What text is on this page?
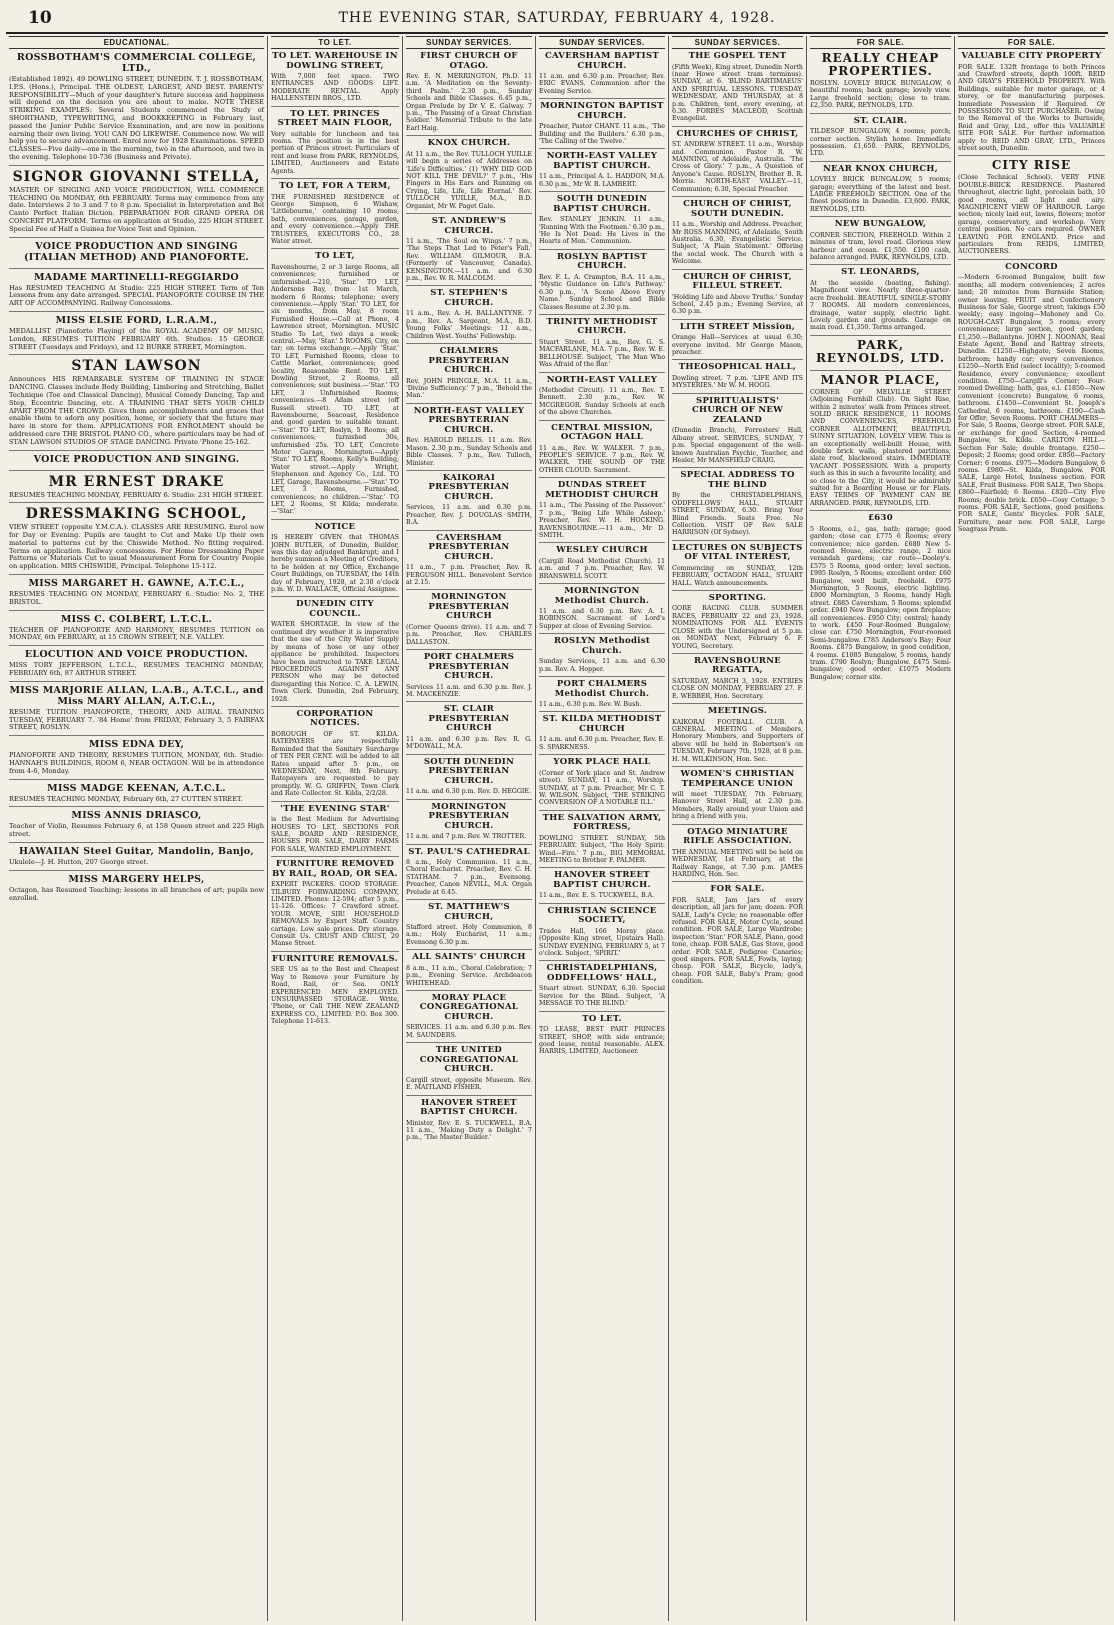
10	THE EVENING STAR, SATURDAY, FEBRUARY 4, 1928.
EDUCATIONAL.
ROSSBOTHAM'S COMMERCIAL COLLEGE, LTD.,
(Established 1892). 49 DOWLING STREET, DUNEDIN. T. J. ROSSBOTHAM, I.P.S. (Hons.), Principal. THE OLDEST, LARGEST, AND BEST. PARENTS' RESPONSIBILITY—Much of your daughter's future success and happiness will depend on the decision you are about to make. NOTE THESE STRIKING EXAMPLES: Several Students commenced the Study of SHORTHAND, TYPEWRITING, and BOOKKEEPING in February last, passed the Junior Public Service Examination, and are now in positions earning their own living. YOU CAN DO LIKEWISE. Commence now. We will help you to secure advancement. Enrol now for 1928 Examinations. SPEED CLASSES—Five daily—one in the morning, two in the afternoon, and two in the evening. Telephone 10-736 (Business and Private).
SIGNOR GIOVANNI STELLA,
MASTER OF SINGING AND VOICE PRODUCTION, WILL COMMENCE TEACHING On MONDAY, 6th FEBRUARY. Terms may commence from any date. Interviews 2 to 3 and 7 to 8 p.m. Specialist in Interpretation and Bel Canto Perfect Italian Diction. PREPARATION FOR GRAND OPERA OR CONCERT PLATFORM. Terms on application at Studio, 225 HIGH STREET. Special Fee of Half a Guinea for Voice Test and Opinion.
VOICE PRODUCTION AND SINGING (ITALIAN METHOD) AND PIANOFORTE.
MADAME MARTINELLI-REGGIARDO
Has RESUMED TEACHING At Studio: 225 HIGH STREET. Term of Ten Lessons from any date arranged. SPECIAL PIANOFORTE COURSE IN THE ART OF ACCOMPANYING. Railway Concessions.
MISS ELSIE FORD, L.R.A.M.,
MEDALLIST (Pianoforte Playing) of the ROYAL ACADEMY OF MUSIC, London, RESUMES TUITION FEBRUARY 6th. Studios: 15 GEORGE STREET (Tuesdays and Fridays), and 12 BURKE STREET, Mornington.
STAN LAWSON
Announces HIS REMARKABLE SYSTEM OF TRAINING IN STAGE DANCING. Classes include Body Building, Limbering and Stretching, Ballet Technique (Toe and Classical Dancing), Musical Comedy Dancing, Tap and Step, Eccentric Dancing, etc. A TRAINING THAT SETS YOUR CHILD APART FROM THE CROWD. Gives them accomplishments and graces that enable them to adorn any position, home, or society that the future may have in store for them. APPLICATIONS FOR ENROLMENT should be addressed care THE BRISTOL PIANO CO., where particulars may be had of STAN LAWSON STUDIOS OF STAGE DANCING. Private 'Phone 25-162.
VOICE PRODUCTION AND SINGING.
MR ERNEST DRAKE
RESUMES TEACHING MONDAY, FEBRUARY 6. Studio: 231 HIGH STREET.
DRESSMAKING SCHOOL,
VIEW STREET (opposite Y.M.C.A.). CLASSES ARE RESUMING. Enrol now for Day or Evening. Pupils are taught to Cut and Make Up their own material to patterns cut by the Chiswide Method. No fitting required. Terms on application. Railway concessions. For Home Dressmaking Paper Patterns or Materials Cut to usual Measurement Form for Country People on application. MRS CHISWIDE, Principal. Telephone 15-112.
MISS MARGARET H. GAWNE, A.T.C.L.,
RESUMES TEACHING ON MONDAY, FEBRUARY 6. Studio: No. 2, THE BRISTOL.
MISS C. COLBERT, L.T.C.L.
TEACHER OF PIANOFORTE AND HARMONY, RESUMES TUITION on MONDAY, 6th FEBRUARY, at 15 CROWN STREET, N.E. VALLEY.
ELOCUTION AND VOICE PRODUCTION.
MISS TORY JEFFERSON, L.T.C.L., RESUMES TEACHING MONDAY, FEBRUARY 6th, 87 ARTHUR STREET.
MISS MARJORIE ALLAN, L.A.B., A.T.C.L., and Miss MARY ALLAN, A.T.C.L.,
RESUME TUITION PIANOFORTE, THEORY, AND AURAL TRAINING TUESDAY, FEBRUARY 7. '84 Home' from FRIDAY, February 3, 5 FAIRFAX STREET, ROSLYN.
MISS EDNA DEY,
PIANOFORTE AND THEORY, RESUMES TUITION, MONDAY, 6th. Studio: HANNAH'S BUILDINGS, ROOM 6, NEAR OCTAGON. Will be in attendance from 4-6, Monday.
MISS MADGE KEENAN, A.T.C.L.
RESUMES TEACHING MONDAY, February 6th, 27 CUTTEN STREET.
MISS ANNIS DRIASCO,
Teacher of Violin, Resumes February 6, at 158 Queen street and 225 High street.
HAWAIIAN Steel Guitar, Mandolin, Banjo,
Ukulele—J. H. Hutton, 207 George street.
MISS MARGERY HELPS,
Octagon, has Resumed Teaching; lessons in all branches of art; pupils now enrolled.
TO LET.
TO LET. WAREHOUSE IN DOWLING STREET,
With 7,000 feet space. TWO ENTRANCES AND GOODS LIFT. MODERATE RENTAL. Apply HALLENSTEIN BROS., LTD.
TO LET. PRINCES STREET MAIN FLOOR,
Very suitable for luncheon and tea rooms. The position is in the best portion of Princes street. Particulars of rent and lease from PARK, REYNOLDS, LIMITED, Auctioneers and Estate Agents.
TO LET, FOR A TERM,
THE FURNISHED RESIDENCE of George Simpson, 6 Wishaw, 'Littlebourne,' containing 10 rooms, bath, conveniences, garage, garden, and every convenience.—Apply THE TRUSTEES, EXECUTORS CO., 28 Water street.
TO LET,
Ravensbourne, 2 or 3 large Rooms, all conveniences; furnished or unfurnished.—210, 'Star.' TO LET, Andersons Bay, from 1st March, modern 6 Rooms; telephone; every convenience.—Apply 'Star.' TO LET, for six months, from May, 8 room Furnished House.—Call at Phone, 4 Lawrence street, Mornington. MUSIC Studio To Let, two days a week; central.—May, 'Star.' 5 ROOMS, City, on tar; on terms exchange.—Apply 'Star.' TO LET, Furnished Rooms, close to Cattle Market, conveniences; good locality, Reasonable Rent. TO LET, Dowling Street, 2 Rooms, all conveniences; suit business.—'Star.' TO LET, 3 Unfurnished Rooms; conveniences.—8 Adam street (off Russell street). TO LET, at Ravensbourne, Seacoast, Residence and good garden to suitable tenant.—'Star.' TO LET, Roslyn, 5 Rooms; all conveniences; furnished 30s, unfurnished 25s. TO LET, Concrete Motor Garage, Mornington.—Apply 'Star.' TO LET, Rooms, Kelly's Building, Water street.—Apply Wright, Stephenson and Agency Co., Ltd. TO LET, Garage, Ravensbourne.—'Star.' TO LET, 3 Rooms, Furnished, conveniences; no children.—'Star.' TO LET, 2 Rooms, St Kilda; moderate.—'Star.'
NOTICE
IS HEREBY GIVEN that THOMAS JOHN BUTLER, of Dunedin, Builder, was this day adjudged Bankrupt; and I hereby summon a Meeting of Creditors, to be holden at my Office, Exchange Court Buildings, on TUESDAY, the 14th day of February, 1928, at 2.30 o'clock p.m. W. D. WALLACE, Official Assignee.
DUNEDIN CITY COUNCIL.
WATER SHORTAGE. In view of the continued dry weather it is imperative that the use of the City Water Supply by means of hose or any other appliance be prohibited. Inspectors have been instructed to TAKE LEGAL PROCEEDINGS AGAINST ANY PERSON who may be detected disregarding this Notice. C. A. LEWIN, Town Clerk. Dunedin, 2nd February, 1928.
CORPORATION NOTICES.
BOROUGH OF ST. KILDA. RATEPAYERS are respectfully Reminded that the Sanitary Surcharge of TEN PER CENT. will be added to all Rates unpaid after 5 p.m., on WEDNESDAY, Next, 8th February. Ratepayers are requested to pay promptly. W. G. GRIFFIN, Town Clerk and Rate Collector. St. Kilda, 2/2/28.
'THE EVENING STAR'
is the Best Medium for Advertising HOUSES TO LET, SECTIONS FOR SALE, BOARD AND RESIDENCE, HOUSES FOR SALE, DAIRY FARMS FOR SALE, WANTED EMPLOYMENT.
FURNITURE REMOVED BY RAIL, ROAD, OR SEA.
EXPERT PACKERS. GOOD STORAGE. TILBURY FORWARDING COMPANY, LIMITED. Phones: 12-594; after 5 p.m., 11-126. Offices: 7 Crawford street. YOUR MOVE, SIR! HOUSEHOLD REMOVALS by Expert Staff. Country cartage. Low sale prices. Dry storage. Consult Us. CRUST AND CRUST, 20 Manse Street.
FURNITURE REMOVALS.
SEE US as to the Best and Cheapest Way to Remove your Furniture by Road, Rail, or Sea. ONLY EXPERIENCED MEN EMPLOYED. UNSURPASSED STORAGE. Write, 'Phone, or Call THE NEW ZEALAND EXPRESS CO., LIMITED. P.O. Box 300. Telephone 11-613.
SUNDAY SERVICES.
FIRST CHURCH OF OTAGO.
Rev. E. N. MERRINGTON, Ph.D. 11 a.m. 'A Meditation on the Seventy-third Psalm.' 2.30 p.m., Sunday Schools and Bible Classes. 6.45 p.m., Organ Prelude by Dr V. E. Galway. 7 p.m., 'The Passing of a Great Christian Soldier.' Memorial Tribute to the late Earl Haig.
KNOX CHURCH.
At 11 a.m., the Rev. TULLOCH YUILLE will begin a series of Addresses on 'Life's Difficulties.' (1) 'WHY DID GOD NOT KILL THE DEVIL?' 7 p.m., 'His Fingers in His Ears and Running on Crying, Life, Life, Life Eternal.' Rev. TULLOCH YUILLE, M.A., B.D. Organist, Mr W. Paget Gale.
ST. ANDREW'S CHURCH.
11 a.m., 'The Soul on Wings.' 7 p.m., 'The Steps That Led to Peter's Fall.' Rev. WILLIAM GILMOUR, B.A. (Formerly of Vancouver, Canada). KENSINGTON.—11 a.m. and 6.30 p.m., Rev. W. R. MALCOLM.
ST. STEPHEN'S CHURCH.
11 a.m., Rev. A. H. BALLANTYNE. 7 p.m., Rev. A. Sargeant, M.A., B.D. Young Folks' Meetings: 11 a.m., Children West. Youths' Fellowship.
CHALMERS PRESBYTERIAN CHURCH.
Rev. JOHN PRINGLE, M.A. 11 a.m., 'Divine Sufficiency.' 7 p.m., 'Behold the Man.'
NORTH-EAST VALLEY PRESBYTERIAN CHURCH.
Rev. HAROLD BELLIS. 11 a.m. Rev. Mason. 2.30 p.m., Sunday Schools and Bible Classes. 7 p.m., Rev. Tulloch, Minister.
KAIKORAI PRESBYTERIAN CHURCH.
Services, 11 a.m. and 6.30 p.m. Preacher, Rev. J. DOUGLAS SMITH, B.A.
CAVERSHAM PRESBYTERIAN CHURCH.
11 a.m., 7 p.m. Preacher, Rev. R. FERGUSON HILL. Benevolent Service at 2.15.
MORNINGTON PRESBYTERIAN CHURCH
(Corner Queens drive). 11 a.m. and 7 p.m. Preacher, Rev. CHARLES DALLASTON.
PORT CHALMERS PRESBYTERIAN CHURCH.
Services 11 a.m. and 6.30 p.m. Rev. J. M. MACKENZIE.
ST. CLAIR PRESBYTERIAN CHURCH
11 a.m. and 6.30 p.m. Rev. R. G. M'DOWALL, M.A.
SOUTH DUNEDIN PRESBYTERIAN CHURCH.
11 a.m. and 6.30 p.m. Rev. D. HEGGIE.
MORNINGTON PRESBYTERIAN CHURCH.
11 a.m. and 7 p.m. Rev. W. TROTTER.
ST. PAUL'S CATHEDRAL
8 a.m., Holy Communion. 11 a.m., Choral Eucharist. Preacher, Rev. C. H. STATHAM. 7 p.m., Evensong. Preacher, Canon NEVILL, M.A. Organ Prelude at 6.45.
ST. MATTHEW'S CHURCH,
Stafford street. Holy Communion, 8 a.m.; Holy Eucharist, 11 a.m.; Evensong 6.30 p.m.
ALL SAINTS' CHURCH
8 a.m., 11 a.m., Choral Celebration; 7 p.m., Evening Service. Archdeacon WHITEHEAD.
MORAY PLACE CONGREGATIONAL CHURCH.
SERVICES. 11 a.m. and 6.30 p.m. Rev. M. SAUNDERS.
THE UNITED CONGREGATIONAL CHURCH.
Cargill street, opposite Museum. Rev. E. MAITLAND FISHER.
HANOVER STREET BAPTIST CHURCH.
Minister, Rev. E. S. TUCKWELL, B.A. 11 a.m., 'Making Duty a Delight.' 7 p.m., 'The Master Builder.'
SUNDAY SERVICES.
CAVERSHAM BAPTIST CHURCH.
11 a.m. and 6.30 p.m. Preacher, Rev. ERIC EVANS. Communion after the Evening Service.
MORNINGTON BAPTIST CHURCH.
Preacher, Pastor CHANT. 11 a.m., 'The Building and the Builders.' 6.30 p.m., 'The Calling of the Twelve.'
NORTH-EAST VALLEY BAPTIST CHURCH.
11 a.m., Principal A. L. HADDON, M.A. 6.30 p.m., Mr W. B. LAMBERT.
SOUTH DUNEDIN BAPTIST CHURCH.
Rev. STANLEY JENKIN. 11 a.m., 'Running With the Footmen.' 6.30 p.m., 'He Is Not Dead: He Lives in the Hearts of Men.' Communion.
ROSLYN BAPTIST CHURCH.
Rev. F. L. A. Crampton, B.A. 11 a.m., 'Mystic Guidance on Life's Pathway.' 6.30 p.m., 'A Scene Above Every Name.' Sunday School and Bible Classes Resume at 2.30 p.m.
TRINITY METHODIST CHURCH.
Stuart Street. 11 a.m., Rev. G. S. MACFARLANE, M.A. 7 p.m., Rev. W. E. BELLHOUSE. Subject, 'The Man Who Was Afraid of the Bar.'
NORTH-EAST VALLEY
(Methodist Circuit). 11 a.m., Rev. T. Bennett. 2.30 p.m., Rev. W. MCGREGOR. Sunday Schools at each of the above Churches.
CENTRAL MISSION, OCTAGON HALL
11 a.m., Rev. W. WALKER. 7 p.m., PEOPLE'S SERVICE. 7 p.m., Rev. W. WALKER. THE SOUND OF THE OTHER CLOUD. Sacrament.
DUNDAS STREET METHODIST CHURCH
11 a.m., 'The Passing of the Passover.' 7 p.m., 'Being Life While Asleep.' Preacher, Rev. W. H. HOCKING. RAVENSBOURNE.—11 a.m., Mr D. SMITH.
WESLEY CHURCH
(Cargill Road Methodist Church). 11 a.m. and 7 p.m. Preacher, Rev. W. BRANSWELL SCOTT.
MORNINGTON Methodist Church.
11 a.m. and 6.30 p.m. Rev. A. I. ROBINSON. Sacrament of Lord's Supper at close of Evening Service.
ROSLYN Methodist Church.
Sunday Services, 11 a.m. and 6.30 p.m. Rev. A. Hopper.
PORT CHALMERS Methodist Church.
11 a.m., 6.30 p.m. Rev. W. Bush.
ST. KILDA METHODIST CHURCH
11 a.m. and 6.30 p.m. Preacher, Rev. E. S. SPARKNESS.
YORK PLACE HALL
(Corner of York place and St. Andrew street). SUNDAY, 11 a.m., Worship. SUNDAY, at 7 p.m. Preacher, Mr C. T. W. WILSON. Subject, 'THE STRIKING CONVERSION OF A NOTABLE ILL.'
THE SALVATION ARMY, FORTRESS,
DOWLING STREET. SUNDAY, 5th FEBRUARY. Subject, 'The Holy Spirit: Wind—Fire.' 7 p.m., BIG MEMORIAL MEETING to Brother F. PALMER.
HANOVER STREET BAPTIST CHURCH.
11 a.m., Rev. E. S. TUCKWELL, B.A.
CHRISTIAN SCIENCE SOCIETY,
Trades Hall, 166 Moray place. (Opposite King street, Upstairs Hall). SUNDAY EVENING, FEBRUARY 5, at 7 o'clock. Subject, 'SPIRIT.'
CHRISTADELPHIANS, ODDFELLOWS' HALL,
Stuart street. SUNDAY, 6.30. Special Service for the Blind. Subject, 'A MESSAGE TO THE BLIND.'
TO LET.
TO LEASE, BEST PART PRINCES STREET, SHOP, with side entrance; good lease, rental reasonable. ALEX. HARRIS, LIMITED, Auctioneer.
SUNDAY SERVICES.
THE GOSPEL TENT
(Fifth Week), King street, Dunedin North (near Howe street tram terminus). SUNDAY, at 6. 'BLIND BARTIMAEUS' AND SPIRITUAL LESSONS. TUESDAY, WEDNESDAY, AND THURSDAY, at 8 p.m. Children, tent, every evening, at 6.30. FORBES MACLEOD, Scottish Evangelist.
CHURCHES OF CHRIST,
ST. ANDREW STREET. 11 a.m., Worship and Communion. Pastor R. W. MANNING, of Adelaide, Australia. 'The Cross of Glory.' 7 p.m., A Question of Anyone's Cause. ROSLYN, Brother B. R. Morris. NORTH-EAST VALLEY.—11, Communion; 6.30, Special Preacher.
CHURCH OF CHRIST, SOUTH DUNEDIN.
11 a.m., Worship and Address. Preacher, Mr ROSS MANNING, of Adelaide, South Australia. 6.30, Evangelistic Service. Subject, 'A Plain Statement.' Offering the social week. The Church with a Welcome.
CHURCH OF CHRIST, FILLEUL STREET.
'Holding Life and Above Truths.' Sunday School, 2.45 p.m.; Evening Service, at 6.30 p.m.
LITH STREET Mission,
Orange Hall—Services at usual 6.30; everyone invited. Mr George Mason, preacher.
THEOSOPHICAL HALL,
Dowling street. 7 p.m. 'LIFE AND ITS MYSTERIES.' Mr W. M. HOGG.
SPIRITUALISTS' CHURCH OF NEW ZEALAND
(Dunedin Branch), Forresters' Hall, Albany street. SERVICES, SUNDAY, 7 p.m. Special engagement of the well-known Australian Psychic, Teacher, and Healer, Mr MANSFIELD CRAIG.
SPECIAL ADDRESS TO THE BLIND
By the CHRISTADELPHIANS, ODDFELLOWS' HALL, STUART STREET, SUNDAY, 6.30. Bring Your Blind Friends. Seats Free. No Collection. VISIT OF Rev. SALE HARRISON (Of Sydney).
LECTURES ON SUBJECTS OF VITAL INTEREST,
Commencing on SUNDAY, 12th FEBRUARY, OCTAGON HALL, STUART HALL. Watch announcements.
SPORTING.
GORE RACING CLUB. SUMMER RACES, FEBRUARY 22 and 23, 1928. NOMINATIONS FOR ALL EVENTS CLOSE with the Undersigned at 5 p.m. on MONDAY Next, February 6. F. YOUNG, Secretary.
RAVENSBOURNE REGATTA,
SATURDAY, MARCH 3, 1928. ENTRIES CLOSE ON MONDAY, FEBRUARY 27. F. E. WEBBER, Hon. Secretary.
MEETINGS.
KAIKORAI FOOTBALL CLUB. A GENERAL MEETING of Members, Honorary Members, and Supporters of above will be held in Robertson's on TUESDAY, February 7th, 1928, at 8 p.m. H. M. WILKINSON, Hon. Sec.
WOMEN'S CHRISTIAN TEMPERANCE UNION
will meet TUESDAY, 7th February, Hanover Street Hall, at 2.30 p.m. Members, Rally around your Union and bring a friend with you.
OTAGO MINIATURE RIFLE ASSOCIATION.
THE ANNUAL MEETING will be held on WEDNESDAY, 1st February, at the Railway Range, at 7.30 p.m. JAMES HARDING, Hon. Sec.
FOR SALE.
FOR SALE, Jam Jars of every description, all jars for jam; dozen. FOR SALE, Lady's Cycle; no reasonable offer refused. FOR SALE, Motor Cycle, sound condition. FOR SALE, Large Wardrobe; inspection 'Star.' FOR SALE, Piano, good tone, cheap. FOR SALE, Gas Stove, good order. FOR SALE, Pedigree Canaries; good singers. FOR SALE, Fowls, laying; cheap. FOR SALE, Bicycle, lady's, cheap. FOR SALE, Baby's Pram; good condition.
FOR SALE.
REALLY CHEAP PROPERTIES.
ROSLYN. LOVELY BRICK BUNGALOW, 6 beautiful rooms; back garage; lovely view. Large freehold section; close to tram. £2,350. PARK, REYNOLDS, LTD.
ST. CLAIR.
TILDESOF BUNGALOW, 4 rooms; porch; corner section. Stylish home. Immediate possession. £1,650. PARK, REYNOLDS, LTD.
NEAR KNOX CHURCH,
LOVELY BRICK BUNGALOW, 5 rooms; garage; everything of the latest and best. LARGE FREEHOLD SECTION. One of the finest positions in Dunedin. £3,600. PARK, REYNOLDS, LTD.
NEW BUNGALOW,
CORNER SECTION, FREEHOLD. Within 2 minutes of tram, level road. Glorious view harbour and ocean. £1,550. £100 cash, balance arranged. PARK, REYNOLDS, LTD.
ST. LEONARDS,
At the seaside (boating, fishing). Magnificent view. Nearly three-quarter-acre freehold. BEAUTIFUL SINGLE-STORY 7 ROOMS. All modern conveniences, drainage, water supply, electric light. Lovely garden and grounds. Garage on main road. £1,350. Terms arranged.
PARK, REYNOLDS, LTD.
MANOR PLACE,
CORNER OF MELVILLE STREET (Adjoining Fernhill Club). On Sight Rise, within 2 minutes' walk from Princes street. SOLID BRICK RESIDENCE, 11 ROOMS AND CONVENIENCES, FREEHOLD CORNER ALLOTMENT, BEAUTIFUL SUNNY SITUATION, LOVELY VIEW. This is an exceptionally well-built House, with double brick walls, plastered partitions, slate roof, blackwood stairs. IMMEDIATE VACANT POSSESSION. With a property such as this in such a favourite locality, and so close to the City, it would be admirably suited for a Boarding House or for Flats. EASY TERMS OF PAYMENT CAN BE ARRANGED. PARK, REYNOLDS, LTD.
£630
5 Rooms, e.l., gas, bath; garage; good garden; close car. £775 6 Rooms; every convenience; nice garden. £680 New 5-roomed House, electric range, 2 nice verandah gardens; car route—Dooley's. £575 5 Rooms, good order; level section. £995 Roslyn, 5 Rooms; excellent order. £60 Bungalow, well built, freehold. £975 Mornington, 5 Rooms, electric lighting. £800 Mornington, 5 Rooms, handy High street. £885 Caversham, 5 Rooms; splendid order. £940 New Bungalow; open fireplace; all conveniences. £950 City; central; handy to work. £450 Four-Roomed Bungalow; close car. £750 Mornington, Four-roomed Semi-bungalow. £785 Anderson's Bay; Four Rooms. £875 Bungalow, in good condition, 4 rooms. £1085 Bungalow, 5 rooms, handy tram. £790 Roslyn; Bungalow. £475 Semi-bungalow; good order. £1075 Modern Bungalow; corner site.
FOR SALE.
VALUABLE CITY PROPERTY
FOR SALE. 132ft frontage to both Princes and Crawford streets, depth 100ft. REID AND GRAY'S FREEHOLD PROPERTY. With Buildings, suitable for motor garage, or 4 storey, or for manufacturing purposes. Immediate Possession if Required. Or POSSESSION TO SUIT PURCHASER. Owing to the Removal of the Works to Burnside, Reid and Gray, Ltd., offer this VALUABLE SITE FOR SALE. For further information apply to REID AND GRAY, LTD., Princes street south, Dunedin.
CITY RISE
(Close Technical School). VERY FINE DOUBLE-BRICK RESIDENCE. Plastered throughout, electric light, porcelain bath, 10 good rooms, all light and airy. MAGNIFICENT VIEW OF HARBOUR. Large section; nicely laid out, lawns, flowers; motor garage, conservatory, and workshop. Very central position. No cars required. OWNER LEAVING FOR ENGLAND. Price and particulars from REIDS, LIMITED, AUCTIONEERS.
CONCORD
—Modern 6-roomed Bungalow, built few months; all modern conveniences; 2 acres land; 20 minutes from Burnside Station; owner leaving. FRUIT and Confectionery Business for Sale, George street; takings £50 weekly; easy ingoing—Mahoney and Co. ROUGH-CAST Bungalow, 5 rooms; every convenience; large section, good garden; £1,250.—Ballantyne. JOHN J. NOONAN, Real Estate Agent, Bond and Rattray streets, Dunedin. £1250—Highgate; Seven Rooms, bathroom; handy car; every convenience. £1250—North End (select locality); 5-roomed Residence, every convenience; excellent condition. £750—Cargill's Corner; Four-roomed Dwelling; bath, gas, e.l. £1850—New convenient (concrete) Bungalow, 6 rooms, bathroom. £1450—Convenient St. Joseph's Cathedral, 6 rooms, bathroom. £190—Cash for Offer; Seven Rooms. PORT CHALMERS—For Sale, 5 Rooms, George street. FOR SALE, or exchange for good Section, 4-roomed Bungalow, St. Kilda. CARLTON HILL—Section For Sale; double frontage. £250—Deposit; 2 Rooms; good order. £850—Factory Corner; 6 rooms. £975—Modern Bungalow, 6 rooms. £980—St. Kilda, Bungalow. FOR SALE, Large Hotel, business section. FOR SALE, Fruit Business. FOR SALE, Two Shops. £860—Fairfield; 6 Rooms. £820—City Five Rooms; double brick. £650—Cosy Cottage; 5 rooms. FOR SALE, Sections, good positions. FOR SALE, Gents' Bicycles. FOR SALE, Furniture, near new. FOR SALE, Large Seagrass Pram.
